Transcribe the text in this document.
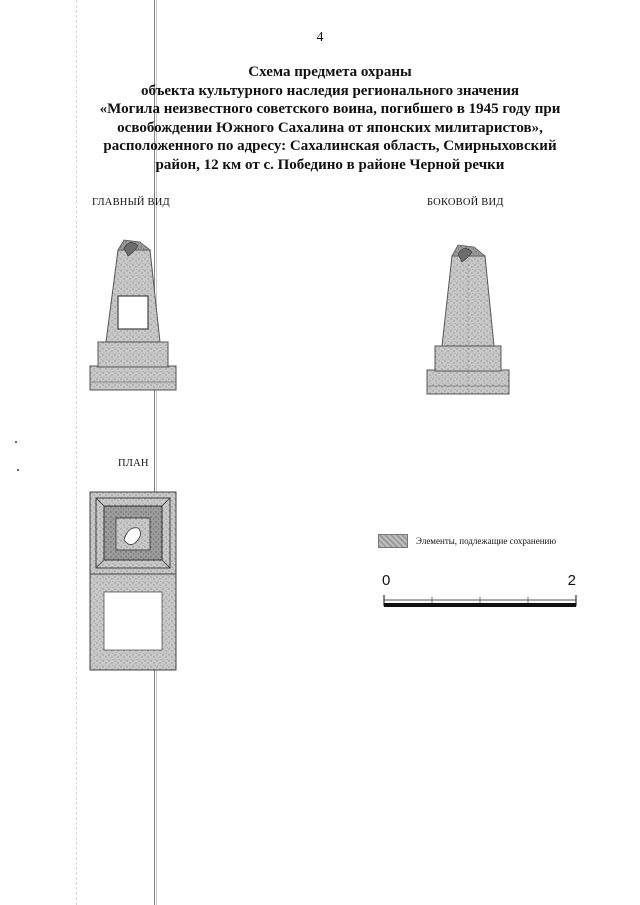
4
Схема предмета охраны
объекта культурного наследия регионального значения
«Могила неизвестного советского воина, погибшего в 1945 году при
освобождении Южного Сахалина от японских милитаристов»,
расположенного по адресу: Сахалинская область, Смирныховский
район, 12 км от с. Победино в районе Черной речки
ГЛАВНЫЙ ВИД	БОКОВОЙ ВИД
ПЛАН
Элементы, подлежащие сохранению
0	2
